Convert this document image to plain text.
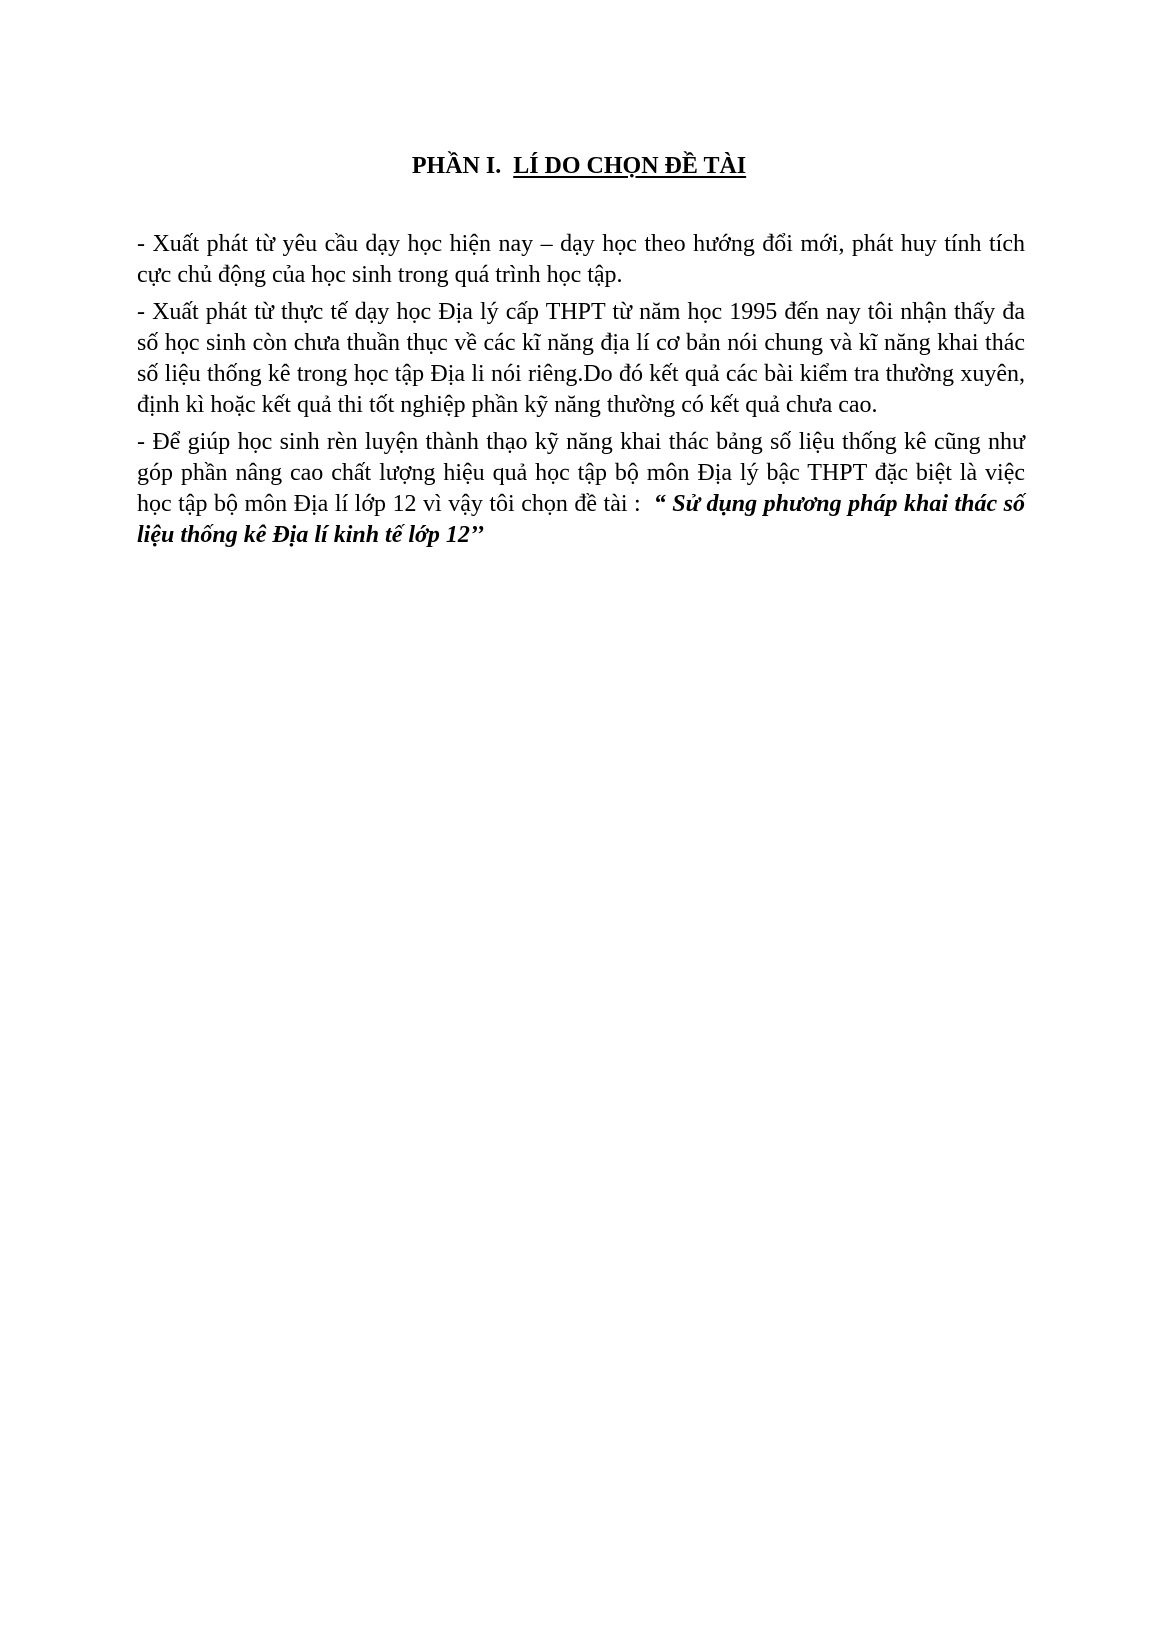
PHẦN I. LÍ DO CHỌN ĐỀ TÀI

- Xuất phát từ yêu cầu dạy học hiện nay – dạy học theo hướng đổi mới, phát huy tính tích cực chủ động của học sinh trong quá trình học tập.

- Xuất phát từ thực tế dạy học Địa lý cấp THPT từ năm học 1995 đến nay tôi nhận thấy đa số học sinh còn chưa thuần thục về các kĩ năng địa lí cơ bản nói chung và kĩ năng khai thác số liệu thống kê trong học tập Địa li nói riêng.Do đó kết quả các bài kiểm tra thường xuyên, định kì hoặc kết quả thi tốt nghiệp phần kỹ năng thường có kết quả chưa cao.

- Để giúp học sinh rèn luyện thành thạo kỹ năng khai thác bảng số liệu thống kê cũng như góp phần nâng cao chất lượng hiệu quả học tập bộ môn Địa lý bậc THPT đặc biệt là việc học tập bộ môn Địa lí lớp 12 vì vậy tôi chọn đề tài : “ Sử dụng phương pháp khai thác số liệu thống kê Địa lí kinh tế lớp 12’’
